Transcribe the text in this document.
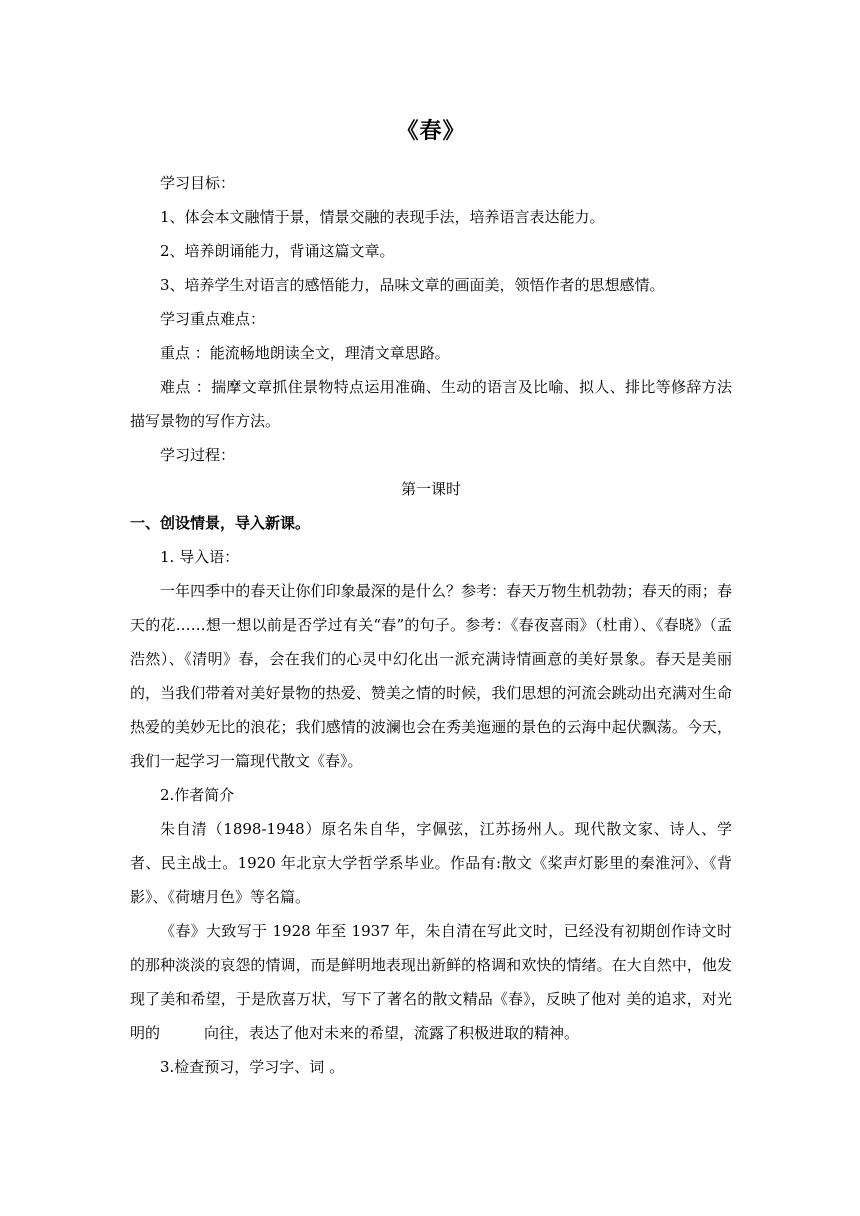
《春》

学习目标：

1、体会本文融情于景，情景交融的表现手法，培养语言表达能力。

2、培养朗诵能力，背诵这篇文章。

3、培养学生对语言的感悟能力，品味文章的画面美，领悟作者的思想感情。

学习重点难点：

重点 ：能流畅地朗读全文，理清文章思路。

难点 ：揣摩文章抓住景物特点运用准确、生动的语言及比喻、拟人、排比等修辞方法描写景物的写作方法。

学习过程：

第一课时

一、创设情景，导入新课。

1. 导入语：

一年四季中的春天让你们印象最深的是什么？参考：春天万物生机勃勃；春天的雨；春天的花……想一想以前是否学过有关“春”的句子。参考：《春夜喜雨》（杜甫）、《春晓》（孟浩然）、《清明》春，会在我们的心灵中幻化出一派充满诗情画意的美好景象。春天是美丽的，当我们带着对美好景物的热爱、赞美之情的时候，我们思想的河流会跳动出充满对生命热爱的美妙无比的浪花；我们感情的波澜也会在秀美迤逦的景色的云海中起伏飘荡。今天，我们一起学习一篇现代散文《春》。

2.作者简介

朱自清（1898-1948）原名朱自华，字佩弦，江苏扬州人。现代散文家、诗人、学者、民主战士。1920 年北京大学哲学系毕业。作品有:散文《桨声灯影里的秦淮河》、《背影》、《荷塘月色》等名篇。

《春》大致写于 1928 年至 1937 年，朱自清在写此文时，已经没有初期创作诗文时的那种淡淡的哀怨的情调，而是鲜明地表现出新鲜的格调和欢快的情绪。在大自然中，他发现了美和希望，于是欣喜万状，写下了著名的散文精品《春》，反映了他对 美的追求，对光明的	向往，表达了他对未来的希望，流露了积极进取的精神。

3.检查预习，学习字、词 。
